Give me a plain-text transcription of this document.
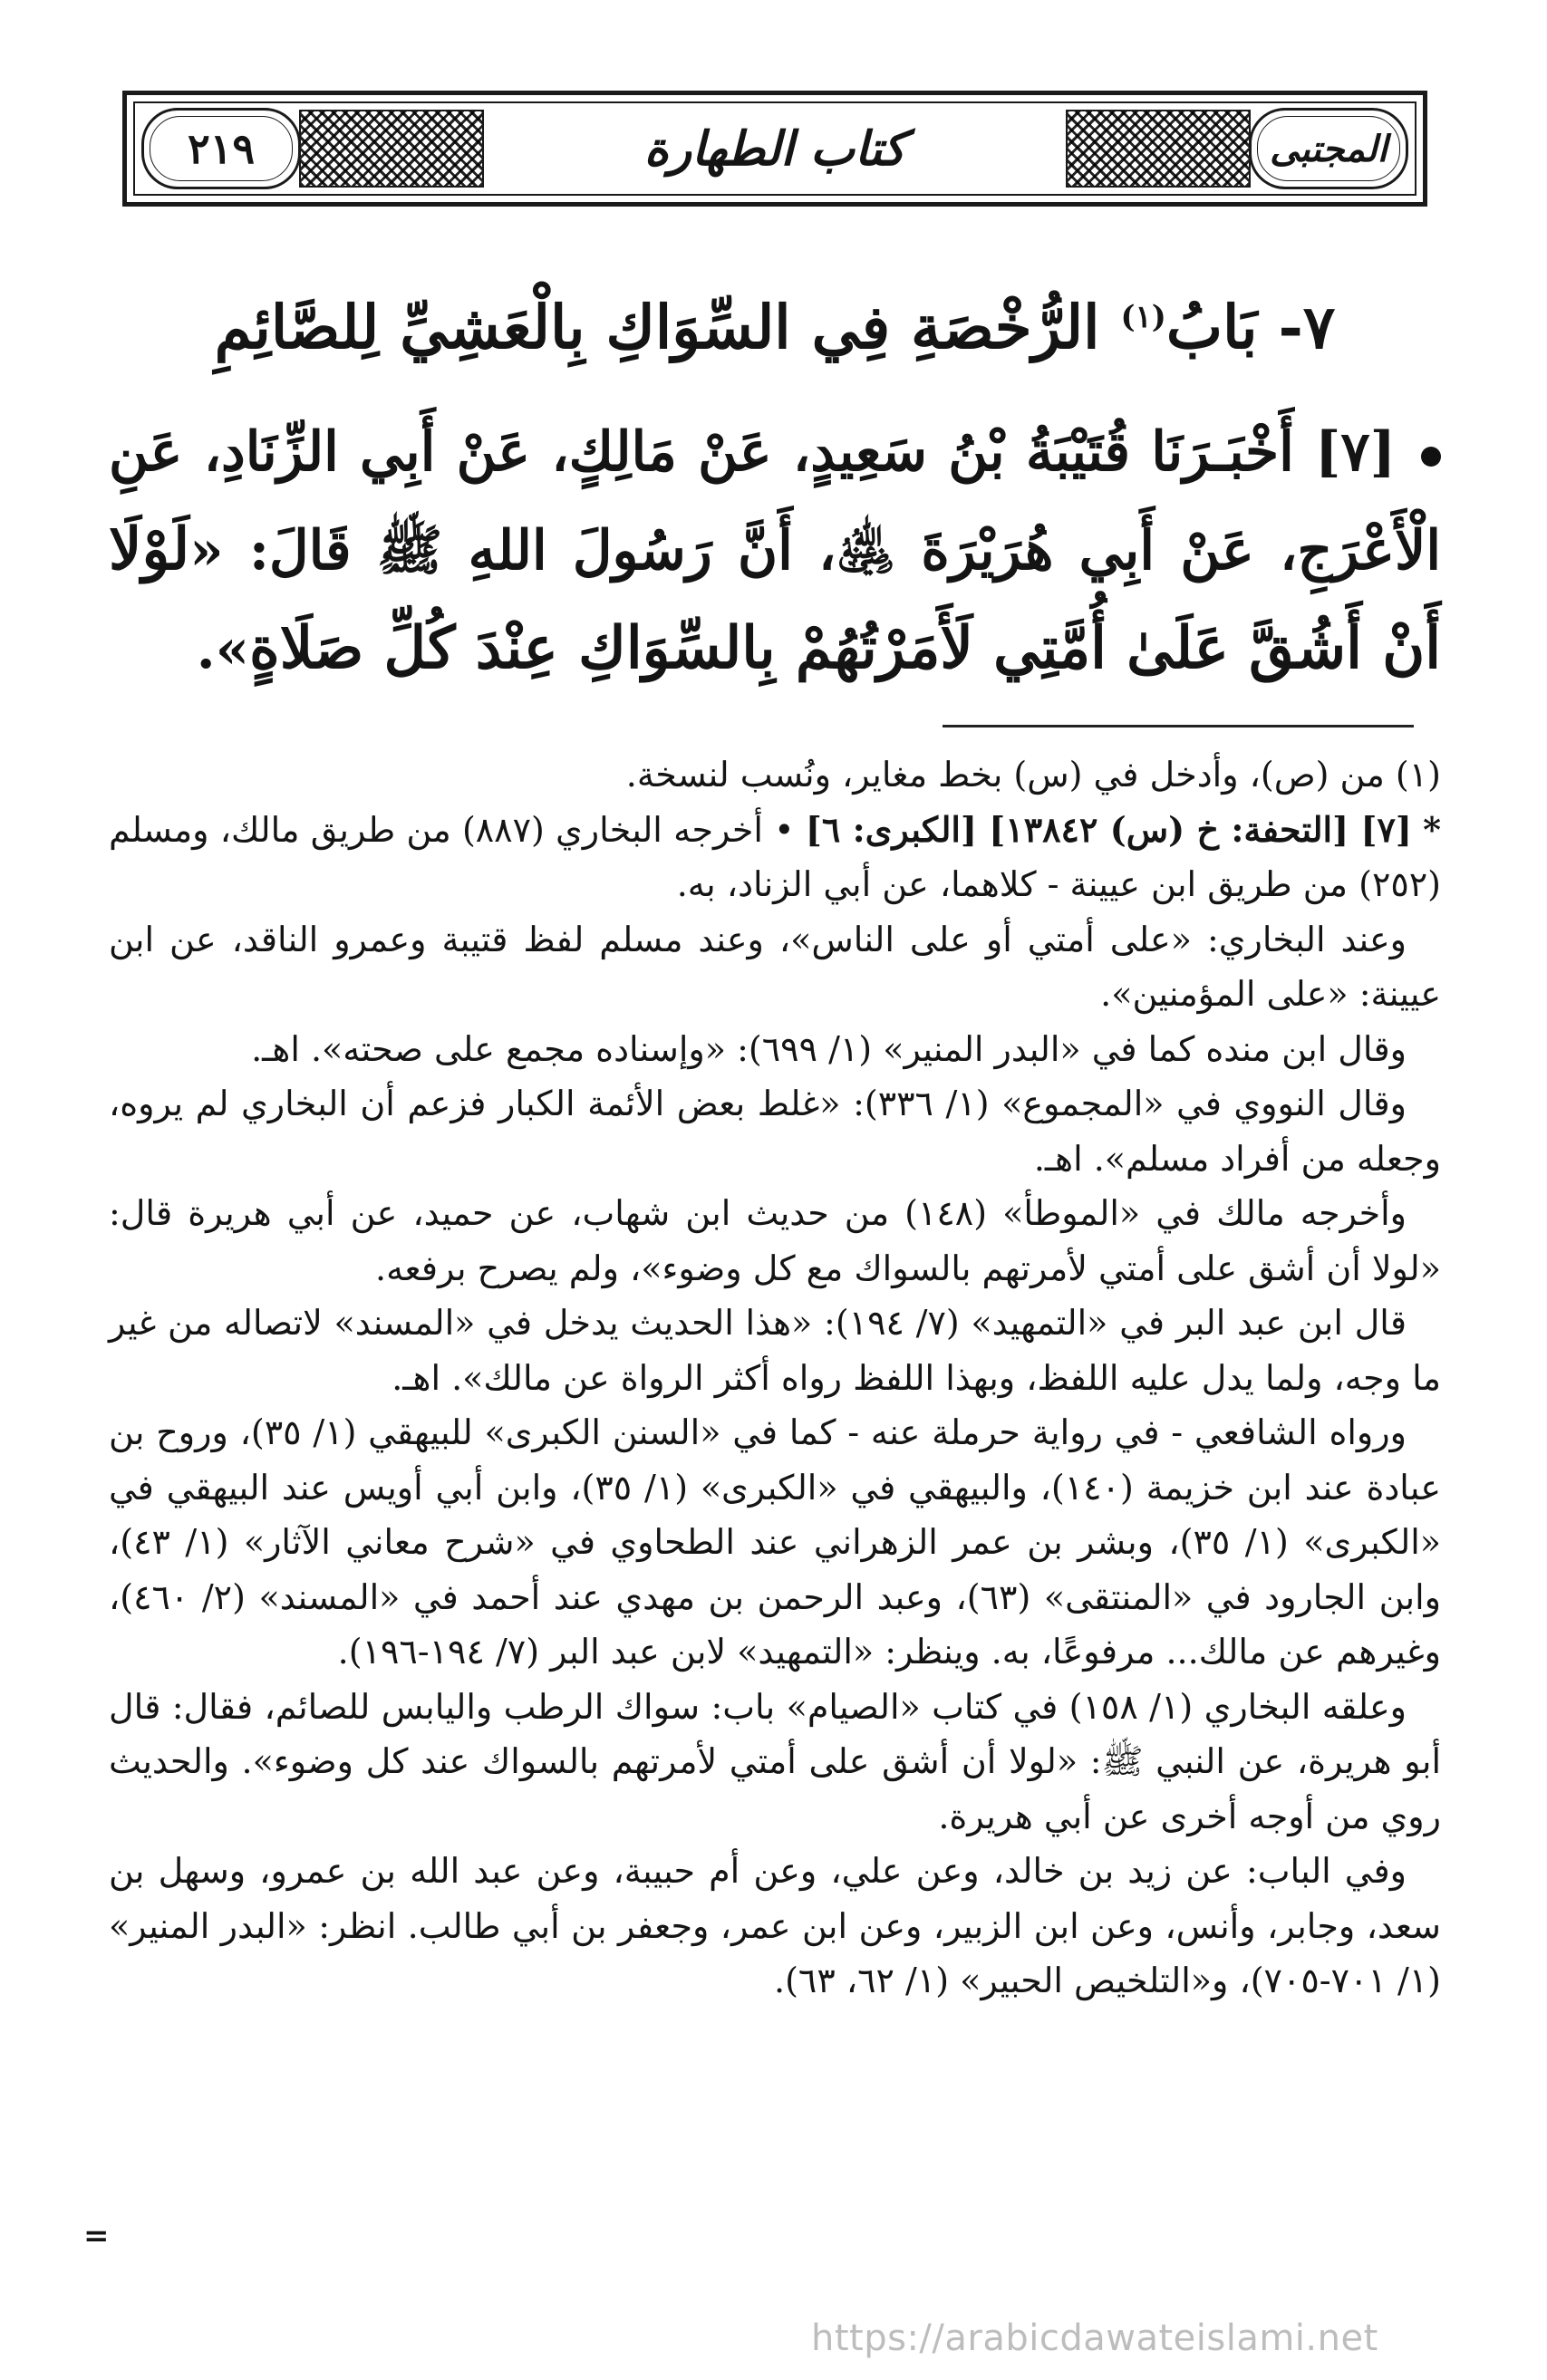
٢١٩	كتاب الطهارة	المجتبى
٧- بَابُ$^{(١)}$ الرُّخْصَةِ فِي السِّوَاكِ بِالْعَشِيِّ لِلصَّائِمِ
[٧] أَخْبَـرَنَا قُتَيْبَةُ بْنُ سَعِيدٍ، عَنْ مَالِكٍ، عَنْ أَبِي الزِّنَادِ، عَنِ الْأَعْرَجِ، عَنْ أَبِي هُرَيْرَةَ ﵁، أَنَّ رَسُولَ اللهِ ﷺ قَالَ: «لَوْلَا أَنْ أَشُقَّ عَلَىٰ أُمَّتِي لَأَمَرْتُهُمْ بِالسِّوَاكِ عِنْدَ كُلِّ صَلَاةٍ».

(١) من (ص)، وأدخل في (س) بخط مغاير، ونُسب لنسخة.

* [٧] [التحفة: خ (س) ١٣٨٤٢] [الكبرى: ٦] • أخرجه البخاري (٨٨٧) من طريق مالك، ومسلم (٢٥٢) من طريق ابن عيينة - كلاهما، عن أبي الزناد، به.

وعند البخاري: «على أمتي أو على الناس»، وعند مسلم لفظ قتيبة وعمرو الناقد، عن ابن عيينة: «على المؤمنين».

وقال ابن منده كما في «البدر المنير» (١/ ٦٩٩): «وإسناده مجمع على صحته». اهـ.

وقال النووي في «المجموع» (١/ ٣٣٦): «غلط بعض الأئمة الكبار فزعم أن البخاري لم يروه، وجعله من أفراد مسلم». اهـ.

وأخرجه مالك في «الموطأ» (١٤٨) من حديث ابن شهاب، عن حميد، عن أبي هريرة قال: «لولا أن أشق على أمتي لأمرتهم بالسواك مع كل وضوء»، ولم يصرح برفعه.

قال ابن عبد البر في «التمهيد» (٧/ ١٩٤): «هذا الحديث يدخل في «المسند» لاتصاله من غير ما وجه، ولما يدل عليه اللفظ، وبهذا اللفظ رواه أكثر الرواة عن مالك». اهـ.

ورواه الشافعي - في رواية حرملة عنه - كما في «السنن الكبرى» للبيهقي (١/ ٣٥)، وروح بن عبادة عند ابن خزيمة (١٤٠)، والبيهقي في «الكبرى» (١/ ٣٥)، وابن أبي أويس عند البيهقي في «الكبرى» (١/ ٣٥)، وبشر بن عمر الزهراني عند الطحاوي في «شرح معاني الآثار» (١/ ٤٣)، وابن الجارود في «المنتقى» (٦٣)، وعبد الرحمن بن مهدي عند أحمد في «المسند» (٢/ ٤٦٠)، وغيرهم عن مالك... مرفوعًا، به. وينظر: «التمهيد» لابن عبد البر (٧/ ١٩٤-١٩٦).

وعلقه البخاري (١/ ١٥٨) في كتاب «الصيام» باب: سواك الرطب واليابس للصائم، فقال: قال أبو هريرة، عن النبي ﷺ: «لولا أن أشق على أمتي لأمرتهم بالسواك عند كل وضوء». والحديث روي من أوجه أخرى عن أبي هريرة.

وفي الباب: عن زيد بن خالد، وعن علي، وعن أم حبيبة، وعن عبد الله بن عمرو، وسهل بن سعد، وجابر، وأنس، وعن ابن الزبير، وعن ابن عمر، وجعفر بن أبي طالب. انظر: «البدر المنير» (١/ ٧٠١-٧٠٥)، و«التلخيص الحبير» (١/ ٦٢، ٦٣).

=
https://arabicdawateislami.net
